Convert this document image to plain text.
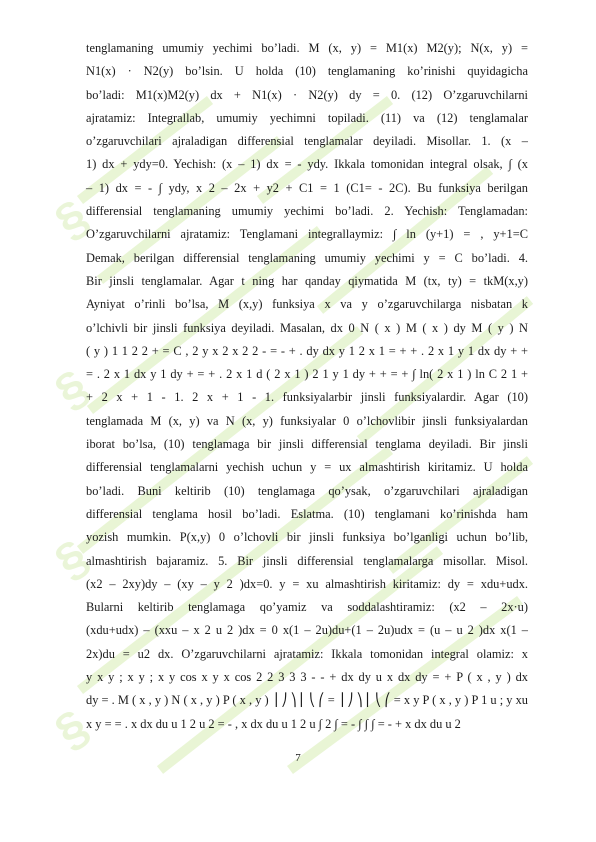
§
§
§
§
tenglamaning umumiy yechimi bo’ladi. M (x, y) = M1(x) M2(y); N(x, y) =
N1(x) · N2(y) bo’lsin. U holda (10) tenglamaning ko’rinishi quyidagicha
bo’ladi: M1(x)M2(y) dx + N1(x) · N2(y) dy = 0. (12) O’zgaruvchilarni
ajratamiz: Integrallab, umumiy yechimni topiladi. (11) va (12) tenglamalar
o’zgaruvchilari ajraladigan differensial tenglamalar deyiladi. Misollar. 1. (x –
1) dx + ydy=0. Yechish: (x – 1) dx = - ydy. Ikkala tomonidan integral olsak, ∫ (x
– 1) dx = - ∫ ydy, x 2 – 2x + y2 + C1 = 1 (C1= - 2C). Bu funksiya berilgan
differensial tenglamaning umumiy yechimi bo’ladi. 2. Yechish: Tenglamadan:
O’zgaruvchilarni ajratamiz: Tenglamani integrallaymiz: ∫ ln (y+1) = , y+1=C
Demak, berilgan differensial tenglamaning umumiy yechimi y = C bo’ladi. 4.
Bir jinsli tenglamalar. Agar t ning har qanday qiymatida M (tx, ty) = tkM(x,y)
Ayniyat o’rinli bo’lsa, M (x,y) funksiya x va y o’zgaruvchilarga nisbatan k
o’lchivli bir jinsli funksiya deyiladi. Masalan, dx 0 N ( x ) M ( x ) dy M ( y ) N
( y ) 1 1 2 2 + = C , 2 y x 2 x 2 2 - = - + . dy dx y 1 2 x 1 = + + . 2 x 1 y 1 dx dy + +
= . 2 x 1 dx y 1 dy + = + . 2 x 1 d ( 2 x 1 ) 2 1 y 1 dy + + = + ∫ ln( 2 x 1 ) ln C 2 1 +
+ 2 x + 1 - 1. 2 x + 1 - 1. funksiyalarbir jinsli funksiyalardir. Agar (10)
tenglamada M (x, y) va N (x, y) funksiyalar 0 o’lchovlibir jinsli funksiyalardan
iborat bo’lsa, (10) tenglamaga bir jinsli differensial tenglama deyiladi. Bir jinsli
differensial tenglamalarni yechish uchun y = ux almashtirish kiritamiz. U holda
bo’ladi. Buni keltirib (10) tenglamaga qo’ysak, o’zgaruvchilari ajraladigan
differensial tenglama hosil bo’ladi. Eslatma. (10) tenglamani ko’rinishda ham
yozish mumkin. P(x,y) 0 o’lchovli bir jinsli funksiya bo’lganligi uchun bo’lib,
almashtirish bajaramiz. 5. Bir jinsli differensial tenglamalarga misollar. Misol.
(x2 – 2xy)dy – (xy – y 2 )dx=0. y = xu almashtirish kiritamiz: dy = xdu+udx.
Bularni keltirib tenglamaga qo’yamiz va soddalashtiramiz: (x2 – 2x·u)
(xdu+udx) – (xxu – x 2 u 2 )dx = 0 x(1 – 2u)du+(1 – 2u)udx = (u – u 2 )dx x(1 –
2x)du = u2 dx. O’zgaruvchilarni ajratamiz: Ikkala tomonidan integral olamiz: x
y x y ; x y ; x y cos x y x cos 2 2 3 3 3 - - + dx dy u x dx dy = + P ( x , y ) dx
dy = . M ( x , y ) N ( x , y ) P ( x , y ) ⎟ ⎠ ⎞ ⎜ ⎝ ⎛ = ⎟ ⎠ ⎞ ⎜ ⎝ ⎛ = x y P ( x , y ) P 1 u ; y xu
x y = = . x dx du u 1 2 u 2 = - , x dx du u 1 2 u ∫ 2 ∫ = - ∫ ∫ ∫ = - + x dx du u 2
7
